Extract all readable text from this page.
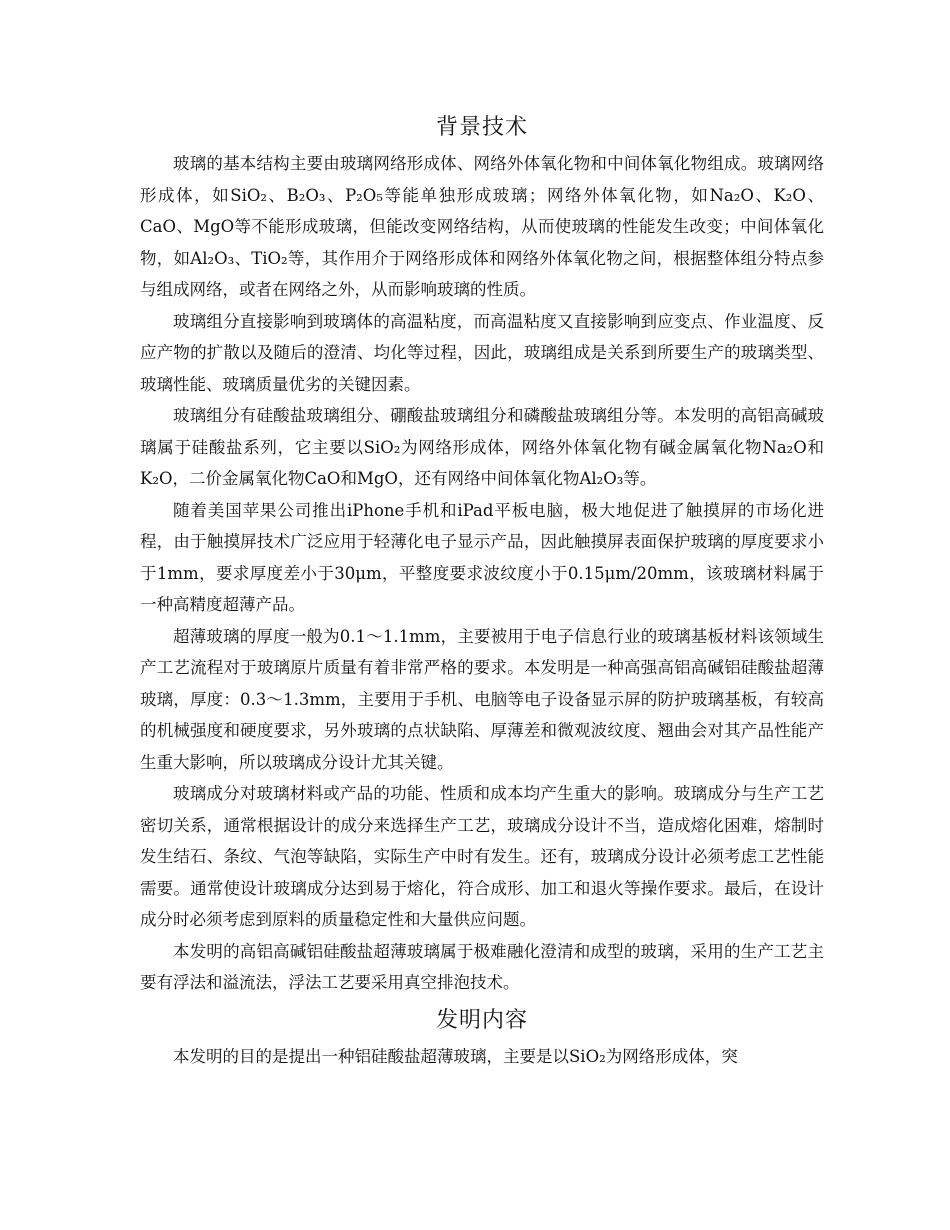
背景技术

玻璃的基本结构主要由玻璃网络形成体、网络外体氧化物和中间体氧化物组成。玻璃网络形成体，如SiO₂、B₂O₃、P₂O₅等能单独形成玻璃；网络外体氧化物，如Na₂O、K₂O、CaO、MgO等不能形成玻璃，但能改变网络结构，从而使玻璃的性能发生改变；中间体氧化物，如Al₂O₃、TiO₂等，其作用介于网络形成体和网络外体氧化物之间，根据整体组分特点参与组成网络，或者在网络之外，从而影响玻璃的性质。

玻璃组分直接影响到玻璃体的高温粘度，而高温粘度又直接影响到应变点、作业温度、反应产物的扩散以及随后的澄清、均化等过程，因此，玻璃组成是关系到所要生产的玻璃类型、玻璃性能、玻璃质量优劣的关键因素。

玻璃组分有硅酸盐玻璃组分、硼酸盐玻璃组分和磷酸盐玻璃组分等。本发明的高铝高碱玻璃属于硅酸盐系列，它主要以SiO₂为网络形成体，网络外体氧化物有碱金属氧化物Na₂O和K₂O，二价金属氧化物CaO和MgO，还有网络中间体氧化物Al₂O₃等。

随着美国苹果公司推出iPhone手机和iPad平板电脑，极大地促进了触摸屏的市场化进程，由于触摸屏技术广泛应用于轻薄化电子显示产品，因此触摸屏表面保护玻璃的厚度要求小于1mm，要求厚度差小于30μm，平整度要求波纹度小于0.15μm/20mm，该玻璃材料属于一种高精度超薄产品。

超薄玻璃的厚度一般为0.1～1.1mm，主要被用于电子信息行业的玻璃基板材料该领域生产工艺流程对于玻璃原片质量有着非常严格的要求。本发明是一种高强高铝高碱铝硅酸盐超薄玻璃，厚度：0.3～1.3mm，主要用于手机、电脑等电子设备显示屏的防护玻璃基板，有较高的机械强度和硬度要求，另外玻璃的点状缺陷、厚薄差和微观波纹度、翘曲会对其产品性能产生重大影响，所以玻璃成分设计尤其关键。

玻璃成分对玻璃材料或产品的功能、性质和成本均产生重大的影响。玻璃成分与生产工艺密切关系，通常根据设计的成分来选择生产工艺，玻璃成分设计不当，造成熔化困难，熔制时发生结石、条纹、气泡等缺陷，实际生产中时有发生。还有，玻璃成分设计必须考虑工艺性能需要。通常使设计玻璃成分达到易于熔化，符合成形、加工和退火等操作要求。最后，在设计成分时必须考虑到原料的质量稳定性和大量供应问题。

本发明的高铝高碱铝硅酸盐超薄玻璃属于极难融化澄清和成型的玻璃，采用的生产工艺主要有浮法和溢流法，浮法工艺要采用真空排泡技术。

发明内容

本发明的目的是提出一种铝硅酸盐超薄玻璃，主要是以SiO₂为网络形成体，突
